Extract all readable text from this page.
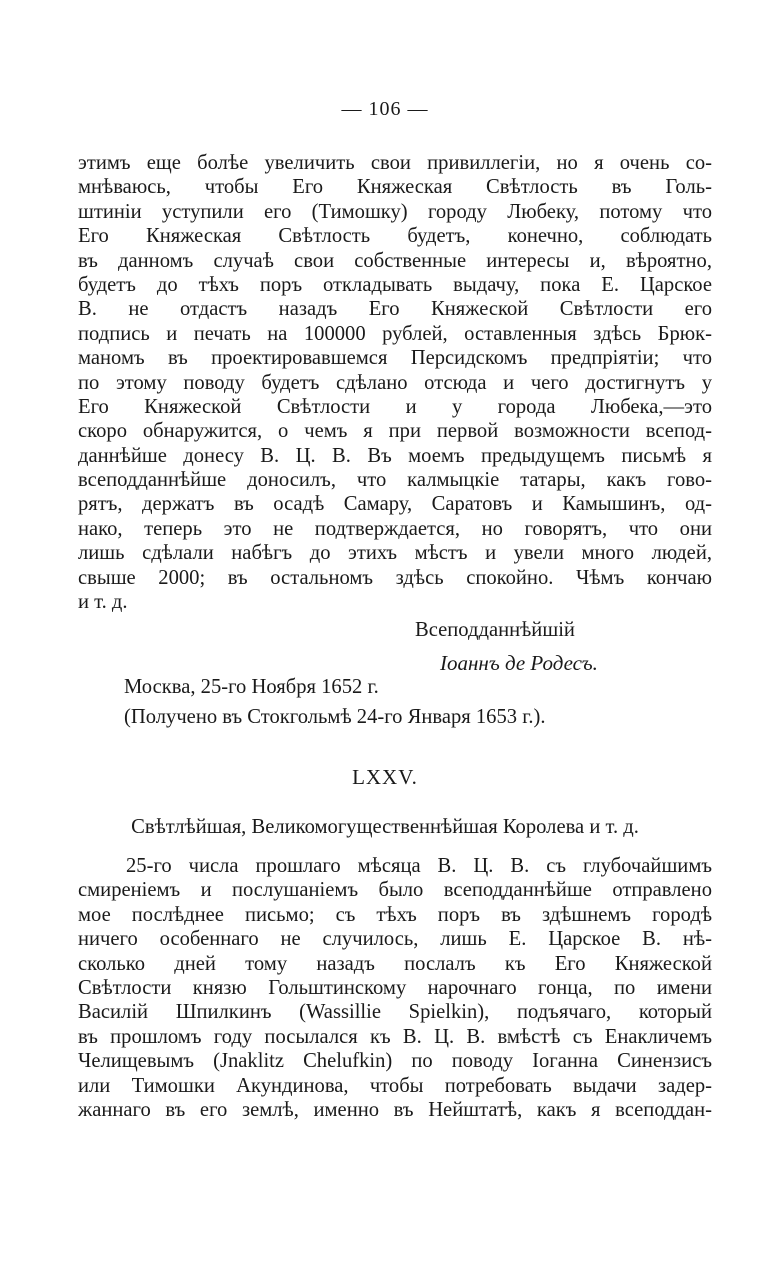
— 106 —
этимъ еще болѣе увеличить свои привиллегіи, но я очень со-
мнѣваюсь, чтобы Его Княжеская Свѣтлость въ Голь-
штиніи уступили его (Тимошку) городу Любеку, потому что
Его Княжеская Свѣтлость будетъ, конечно, соблюдать
въ данномъ случаѣ свои собственные интересы и, вѣроятно,
будетъ до тѣхъ поръ откладывать выдачу, пока Е. Царское
В. не отдастъ назадъ Его Княжеской Свѣтлости его
подпись и печать на 100000 рублей, оставленныя здѣсь Брюк-
маномъ въ проектировавшемся Персидскомъ предпріятіи; что
по этому поводу будетъ сдѣлано отсюда и чего достигнутъ у
Его Княжеской Свѣтлости и у города Любека,—это
скоро обнаружится, о чемъ я при первой возможности всепод-
даннѣйше донесу В. Ц. В. Въ моемъ предыдущемъ письмѣ я
всеподданнѣйше доносилъ, что калмыцкіе татары, какъ гово-
рятъ, держатъ въ осадѣ Самару, Саратовъ и Камышинъ, од-
нако, теперь это не подтверждается, но говорятъ, что они
лишь сдѣлали набѣгъ до этихъ мѣстъ и увели много людей,
свыше 2000; въ остальномъ здѣсь спокойно. Чѣмъ кончаю
и т. д.
Всеподданнѣйшій
Іоаннъ де Родесъ.
Москва, 25-го Ноября 1652 г.
(Получено въ Стокгольмѣ 24-го Января 1653 г.).
LXXV.
Свѣтлѣйшая, Великомогущественнѣйшая Королева и т. д.
25-го числа прошлаго мѣсяца В. Ц. В. съ глубочайшимъ
смиреніемъ и послушаніемъ было всеподданнѣйше отправлено
мое послѣднее письмо; съ тѣхъ поръ въ здѣшнемъ городѣ
ничего особеннаго не случилось, лишь Е. Царское В. нѣ-
сколько дней тому назадъ послалъ къ Его Княжеской
Свѣтлости князю Гольштинскому нарочнаго гонца, по имени
Василій Шпилкинъ (Wassillie Spielkin), подъячаго, который
въ прошломъ году посылался къ В. Ц. В. вмѣстѣ съ Енакличемъ
Челищевымъ (Jnaklitz Chelufkin) по поводу Іоганна Синензисъ
или Тимошки Акундинова, чтобы потребовать выдачи задер-
жаннаго въ его землѣ, именно въ Нейштатѣ, какъ я всеподдан-
